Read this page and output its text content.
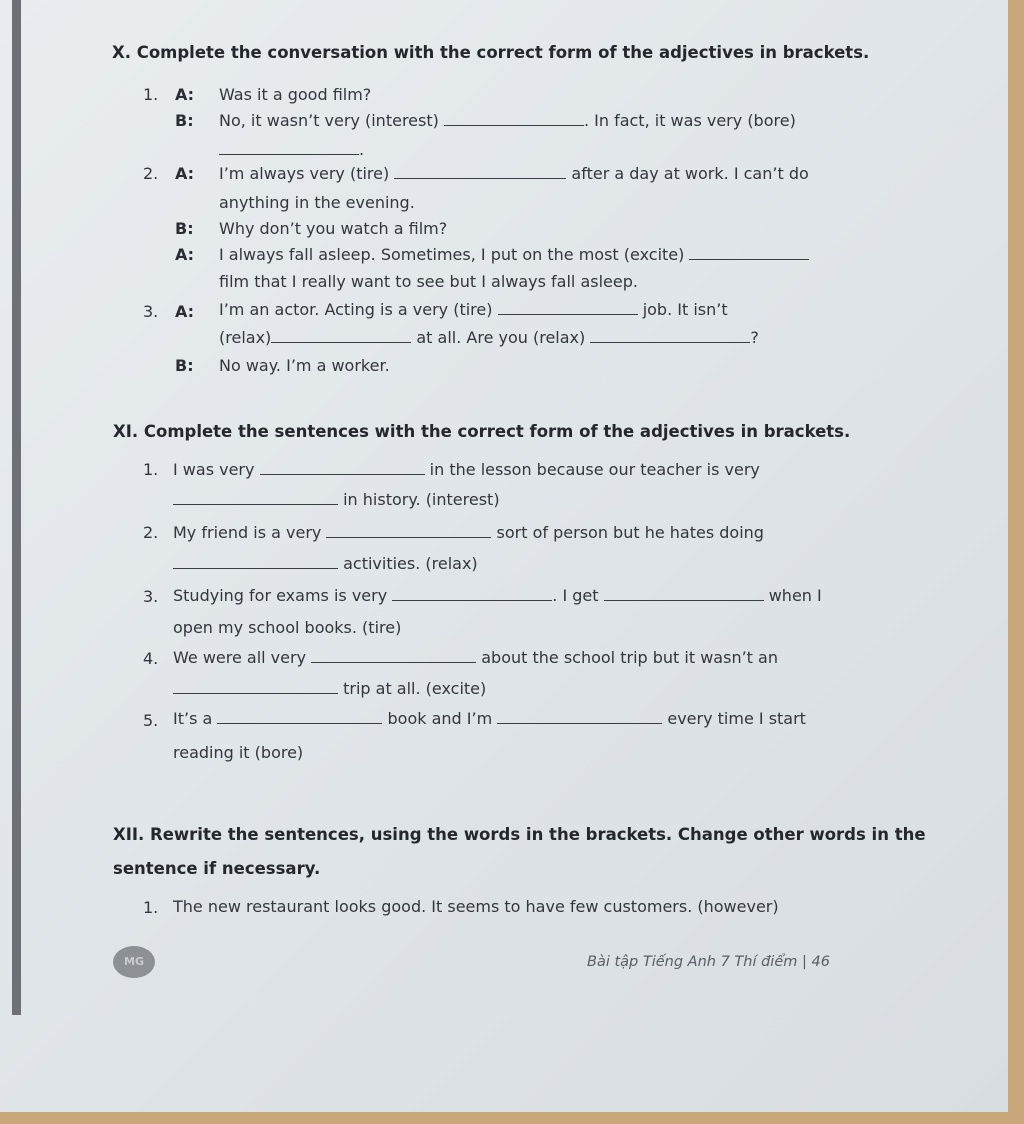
X. Complete the conversation with the correct form of the adjectives in brackets.
1. A: Was it a good film?
B: No, it wasn’t very (interest)	. In fact, it was very (bore)
.
2. A: I’m always very (tire)	after a day at work. I can’t do
anything in the evening.
B: Why don’t you watch a film?
A: I always fall asleep. Sometimes, I put on the most (excite)
film that I really want to see but I always fall asleep.
3. A: I’m an actor. Acting is a very (tire)	job. It isn’t
(relax)	at all. Are you (relax)	?
B: No way. I’m a worker.
XI. Complete the sentences with the correct form of the adjectives in brackets.
1. I was very	in the lesson because our teacher is very
in history. (interest)
2. My friend is a very	sort of person but he hates doing
activities. (relax)
3. Studying for exams is very	. I get	when I
open my school books. (tire)
4. We were all very	about the school trip but it wasn’t an
trip at all. (excite)
5. It’s a	book and I’m	every time I start
reading it (bore)
XII. Rewrite the sentences, using the words in the brackets. Change other words in the
sentence if necessary.
1. The new restaurant looks good. It seems to have few customers. (however)
MG	Bài tập Tiếng Anh 7 Thí điểm | 46
